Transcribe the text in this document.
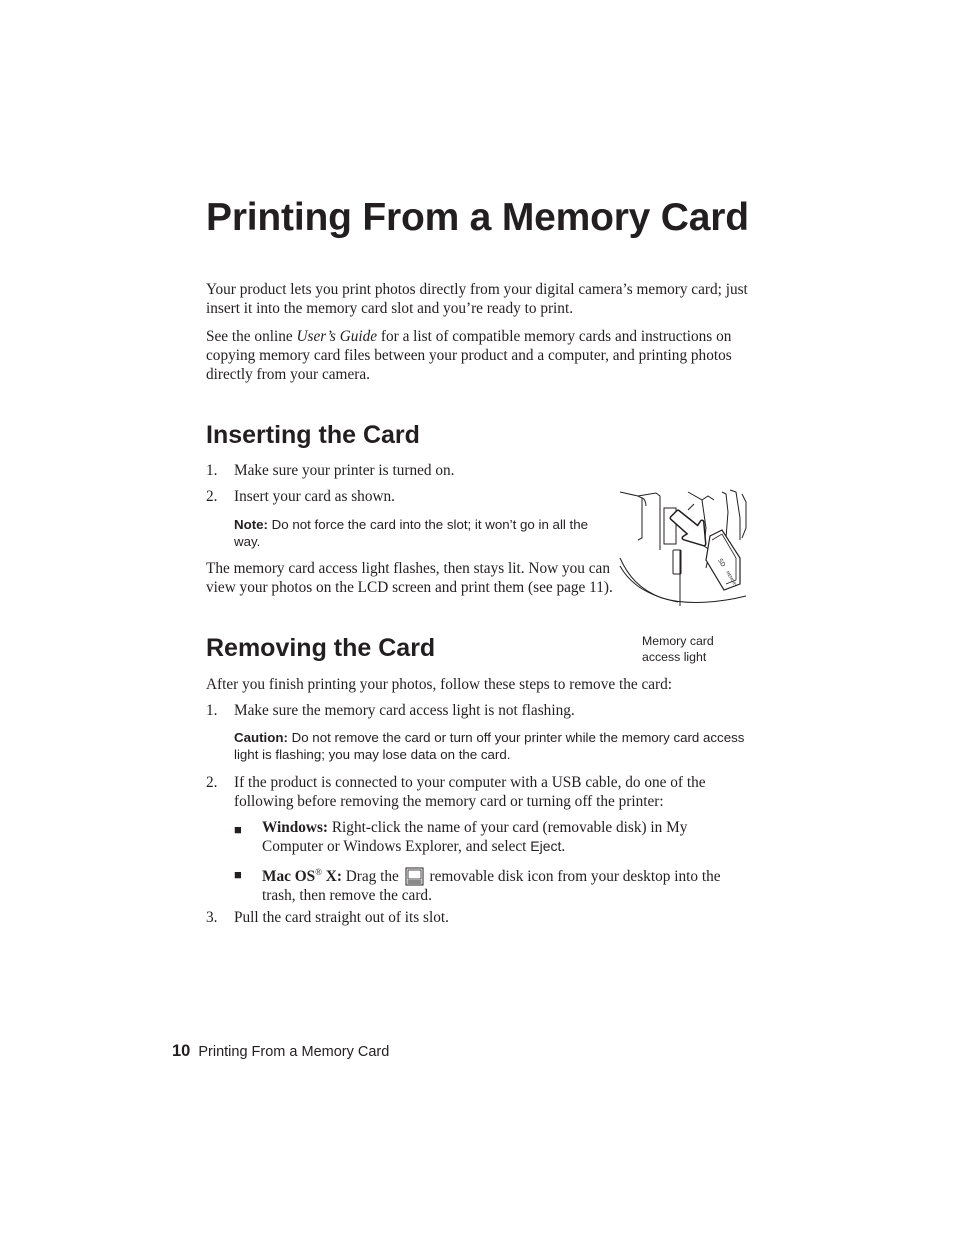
Printing From a Memory Card

Your product lets you print photos directly from your digital camera’s memory card; just insert it into the memory card slot and you’re ready to print.

See the online User’s Guide for a list of compatible memory cards and instructions on copying memory card files between your product and a computer, and printing photos directly from your camera.

Inserting the Card
1. Make sure your printer is turned on.
2. Insert your card as shown.

Note: Do not force the card into the slot; it won’t go in all the way.

The memory card access light flashes, then stays lit. Now you can view your photos on the LCD screen and print them (see page 11).

SD
MEMORY
Memory card access light
Removing the Card

After you finish printing your photos, follow these steps to remove the card:

1. Make sure the memory card access light is not flashing.

Caution: Do not remove the card or turn off your printer while the memory card access light is flashing; you may lose data on the card.

2. If the product is connected to your computer with a USB cable, do one of the following before removing the memory card or turning off the printer:
■ Windows: Right-click the name of your card (removable disk) in My Computer or Windows Explorer, and select Eject.
■ Mac OS® X: Drag the  removable disk icon from your desktop into the trash, then remove the card.
3. Pull the card straight out of its slot.
10 Printing From a Memory Card
